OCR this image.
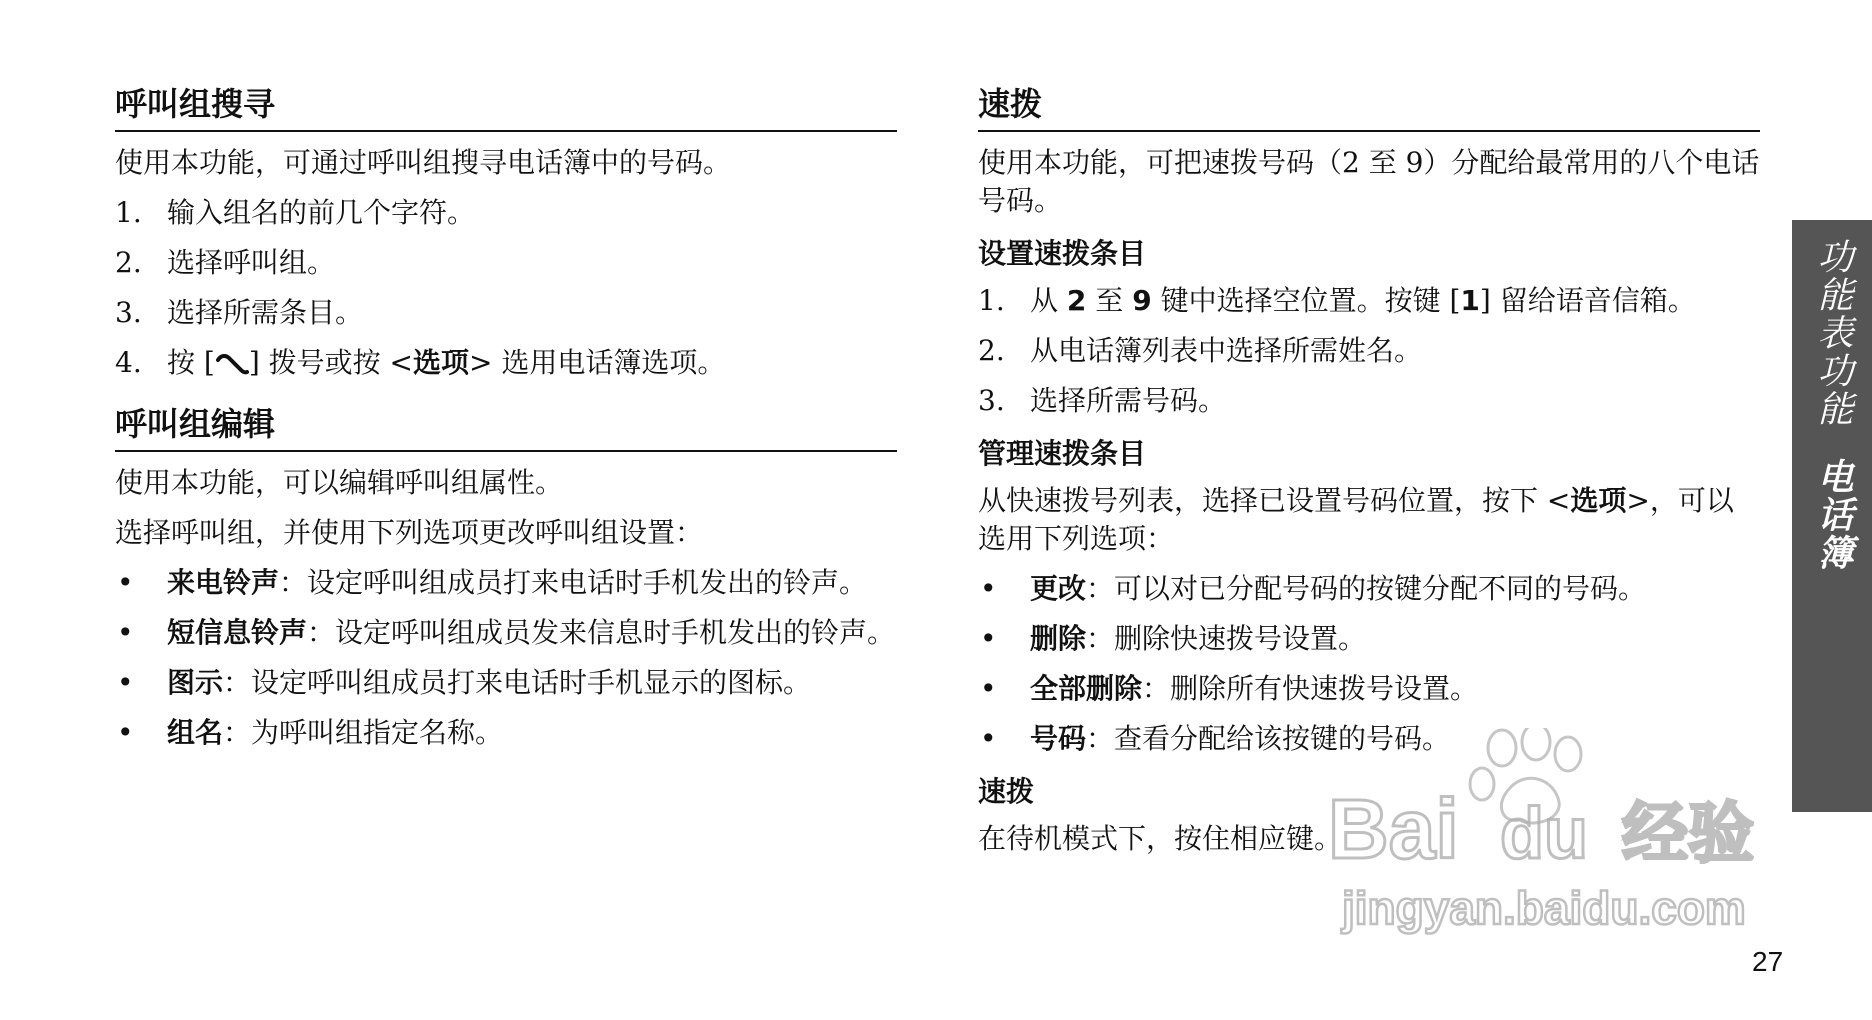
呼叫组搜寻

使用本功能，可通过呼叫组搜寻电话簿中的号码。

1. 输入组名的前几个字符。
2. 选择呼叫组。
3. 选择所需条目。
4. 按 [ ] 拨号或按 <选项> 选用电话簿选项。
呼叫组编辑

使用本功能，可以编辑呼叫组属性。

选择呼叫组，并使用下列选项更改呼叫组设置：

• 来电铃声：设定呼叫组成员打来电话时手机发出的铃声。
• 短信息铃声：设定呼叫组成员发来信息时手机发出的铃声。
• 图示：设定呼叫组成员打来电话时手机显示的图标。
• 组名：为呼叫组指定名称。
速拨

使用本功能，可把速拨号码（2 至 9）分配给最常用的八个电话号码。

设置速拨条目
1. 从 2 至 9 键中选择空位置。按键 [1] 留给语音信箱。
2. 从电话簿列表中选择所需姓名。
3. 选择所需号码。
管理速拨条目

从快速拨号列表，选择已设置号码位置，按下 <选项>，可以选用下列选项：

• 更改：可以对已分配号码的按键分配不同的号码。
• 删除：删除快速拨号设置。
• 全部删除：删除所有快速拨号设置。
• 号码：查看分配给该按键的号码。
速拨

在待机模式下，按住相应键。

功能表功能电话簿
27
Bai du 经验
jingyan.baidu.com
